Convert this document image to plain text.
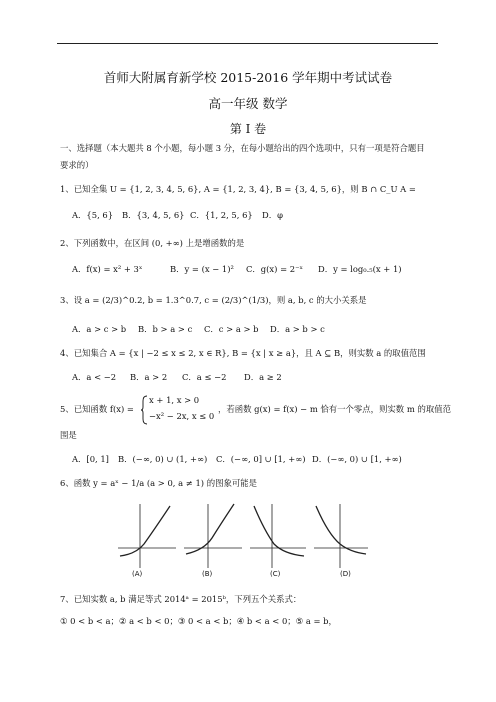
首师大附属育新学校 2015-2016 学年期中考试试卷
高一年级 数学
第 I 卷
一、选择题（本大题共 8 个小题，每小题 3 分，在每小题给出的四个选项中，只有一项是符合题目
要求的）
1、已知全集 U = {1, 2, 3, 4, 5, 6}, A = {1, 2, 3, 4}, B = {3, 4, 5, 6}，则 B ∩ C_U A =
A．{5, 6} B．{3, 4, 5, 6} C．{1, 2, 5, 6} D．φ
2、下列函数中，在区间 (0, +∞) 上是增函数的是
A．f(x) = x² + 3ˣ	B．y = (x − 1)² C．g(x) = 2⁻ˣ D．y = log₀.₅(x + 1)
3、设 a = (2/3)^0.2, b = 1.3^0.7, c = (2/3)^(1/3)，则 a, b, c 的大小关系是
A．a > c > b B．b > a > c C．c > a > b D．a > b > c
4、已知集合 A = {x | −2 ≤ x ≤ 2, x ∈ R}, B = {x | x ≥ a}，且 A ⊆ B，则实数 a 的取值范围
A．a < −2 B．a > 2 C．a ≤ −2 D．a ≥ 2
5、已知函数 f(x) =
x + 1, x > 0
−x² − 2x, x ≤ 0
，若函数 g(x) = f(x) − m 恰有一个零点，则实数 m 的取值范
围是
A．[0, 1] B．(−∞, 0) ∪ (1, +∞) C．(−∞, 0] ∪ [1, +∞) D．(−∞, 0) ∪ [1, +∞)
6、函数 y = aˣ − 1/a (a > 0, a ≠ 1) 的图象可能是
(A)	(B)	(C)	(D)
7、已知实数 a, b 满足等式 2014ᵃ = 2015ᵇ，下列五个关系式：
① 0 < b < a；② a < b < 0；③ 0 < a < b；④ b < a < 0；⑤ a = b，
